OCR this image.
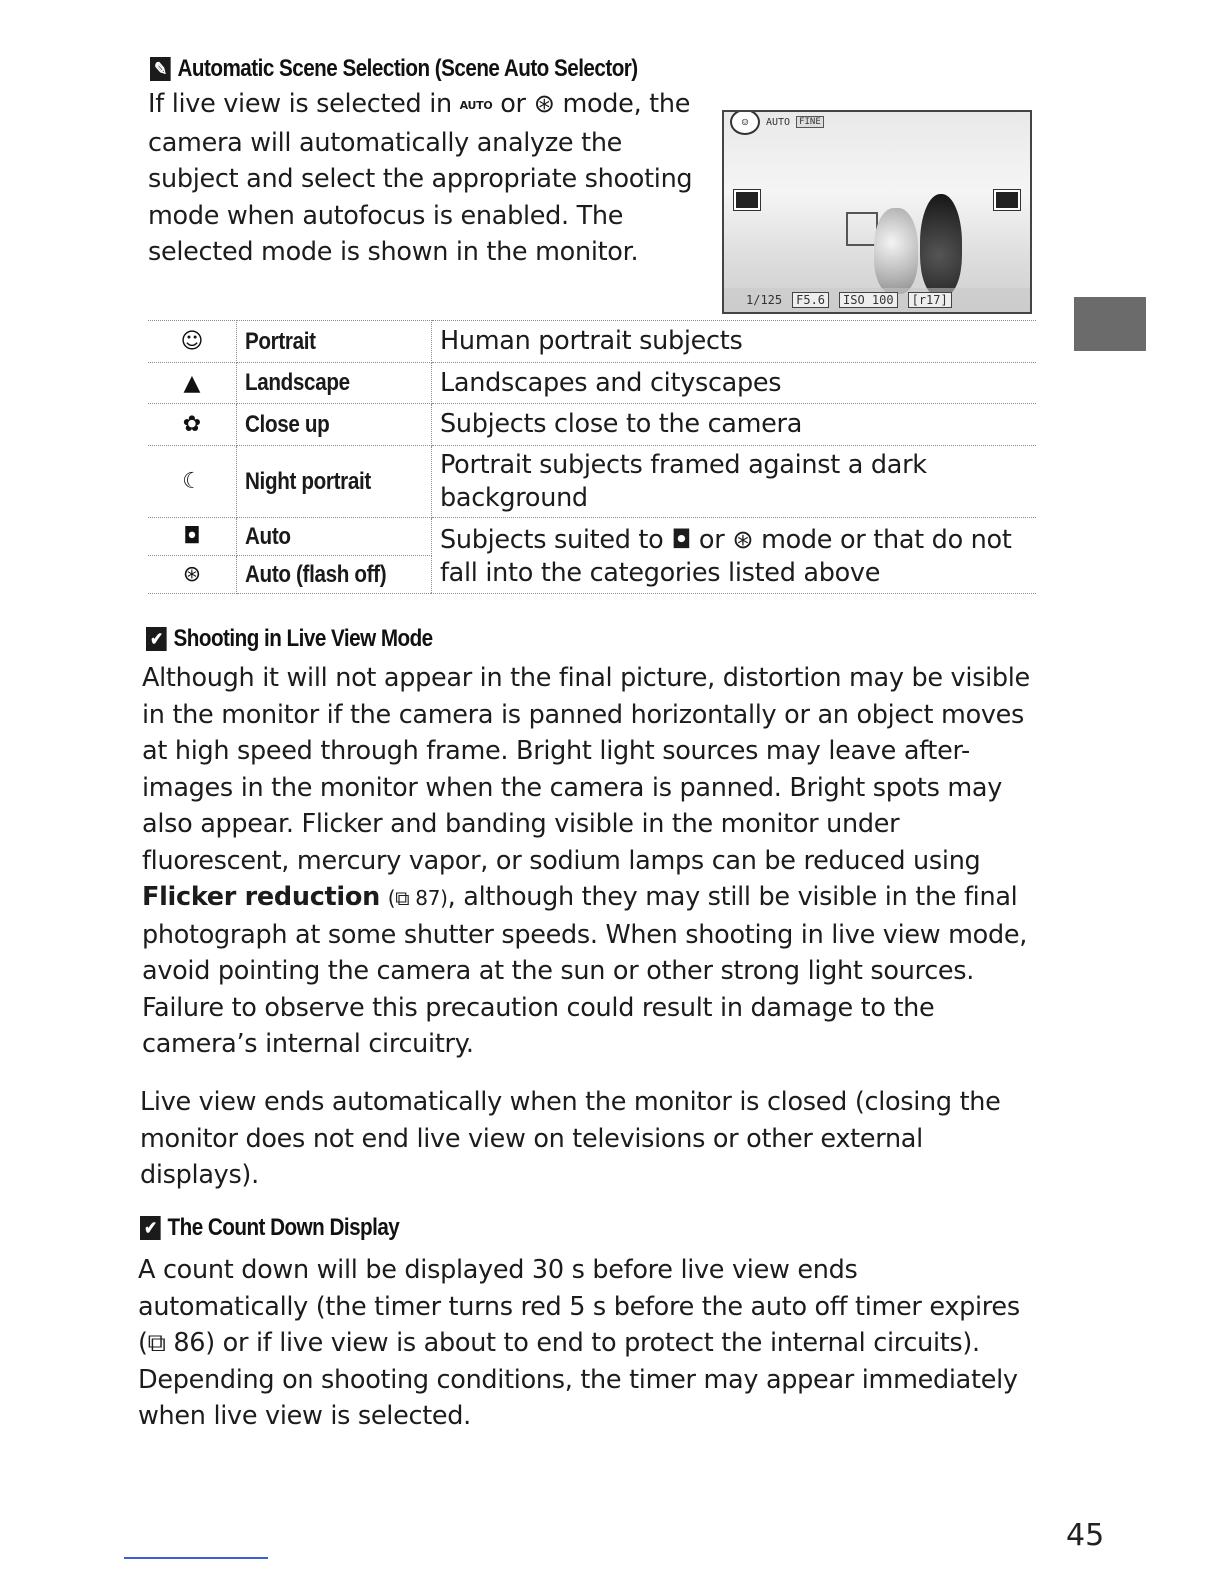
✎ Automatic Scene Selection (Scene Auto Selector)
If live view is selected in AUTO or ⊛ mode, the camera will automatically analyze the subject and select the appropriate shooting mode when autofocus is enabled. The selected mode is shown in the monitor.
☺	AUTO	FINE
1/125	F5.6	ISO 100	[r17]
☺	Portrait	Human portrait subjects
▲	Landscape	Landscapes and cityscapes
✿	Close up	Subjects close to the camera
☾	Night portrait	Portrait subjects framed against a dark background
◘	Auto	Subjects suited to ◘ or ⊛ mode or that do not fall into the categories listed above
⊛	Auto (flash off)	
✔ Shooting in Live View Mode
Although it will not appear in the final picture, distortion may be visible in the monitor if the camera is panned horizontally or an object moves at high speed through frame. Bright light sources may leave after-images in the monitor when the camera is panned. Bright spots may also appear. Flicker and banding visible in the monitor under fluorescent, mercury vapor, or sodium lamps can be reduced using Flicker reduction (⧉ 87), although they may still be visible in the final photograph at some shutter speeds. When shooting in live view mode, avoid pointing the camera at the sun or other strong light sources. Failure to observe this precaution could result in damage to the camera’s internal circuitry.
Live view ends automatically when the monitor is closed (closing the monitor does not end live view on televisions or other external displays).
✔ The Count Down Display
A count down will be displayed 30 s before live view ends automatically (the timer turns red 5 s before the auto off timer expires (⧉ 86) or if live view is about to end to protect the internal circuits). Depending on shooting conditions, the timer may appear immediately when live view is selected.
45
